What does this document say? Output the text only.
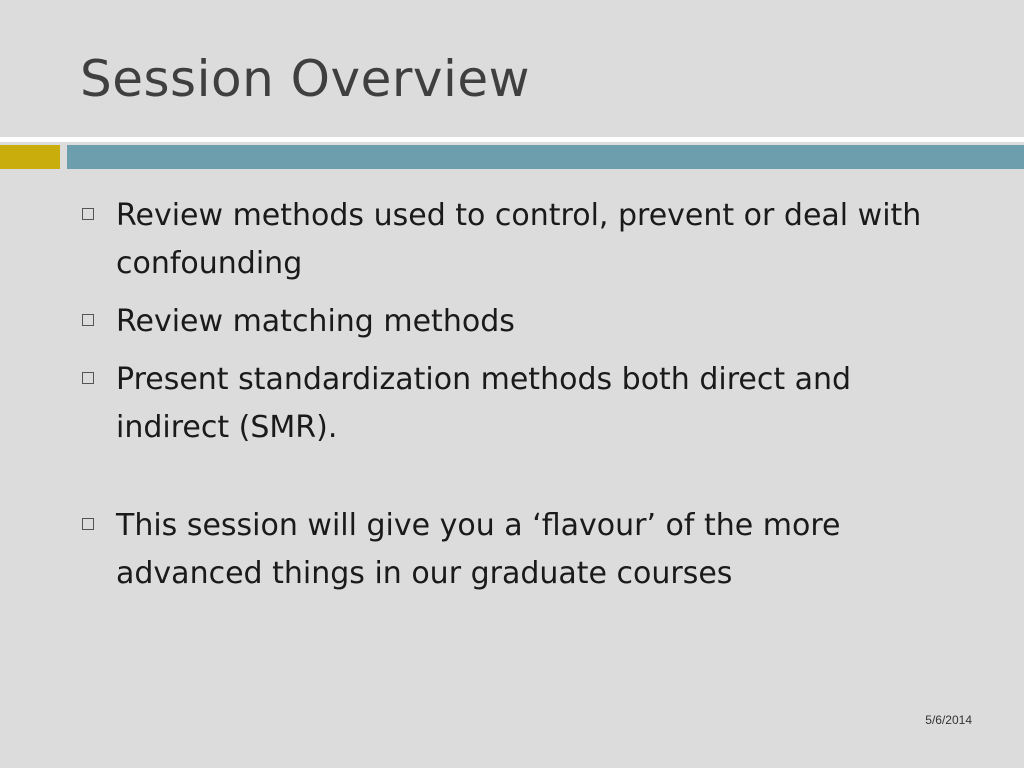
Session Overview
Review methods used to control, prevent or deal with confounding
Review matching methods
Present standardization methods both direct and indirect (SMR).
This session will give you a ‘flavour’ of the more advanced things in our graduate courses
5/6/2014
